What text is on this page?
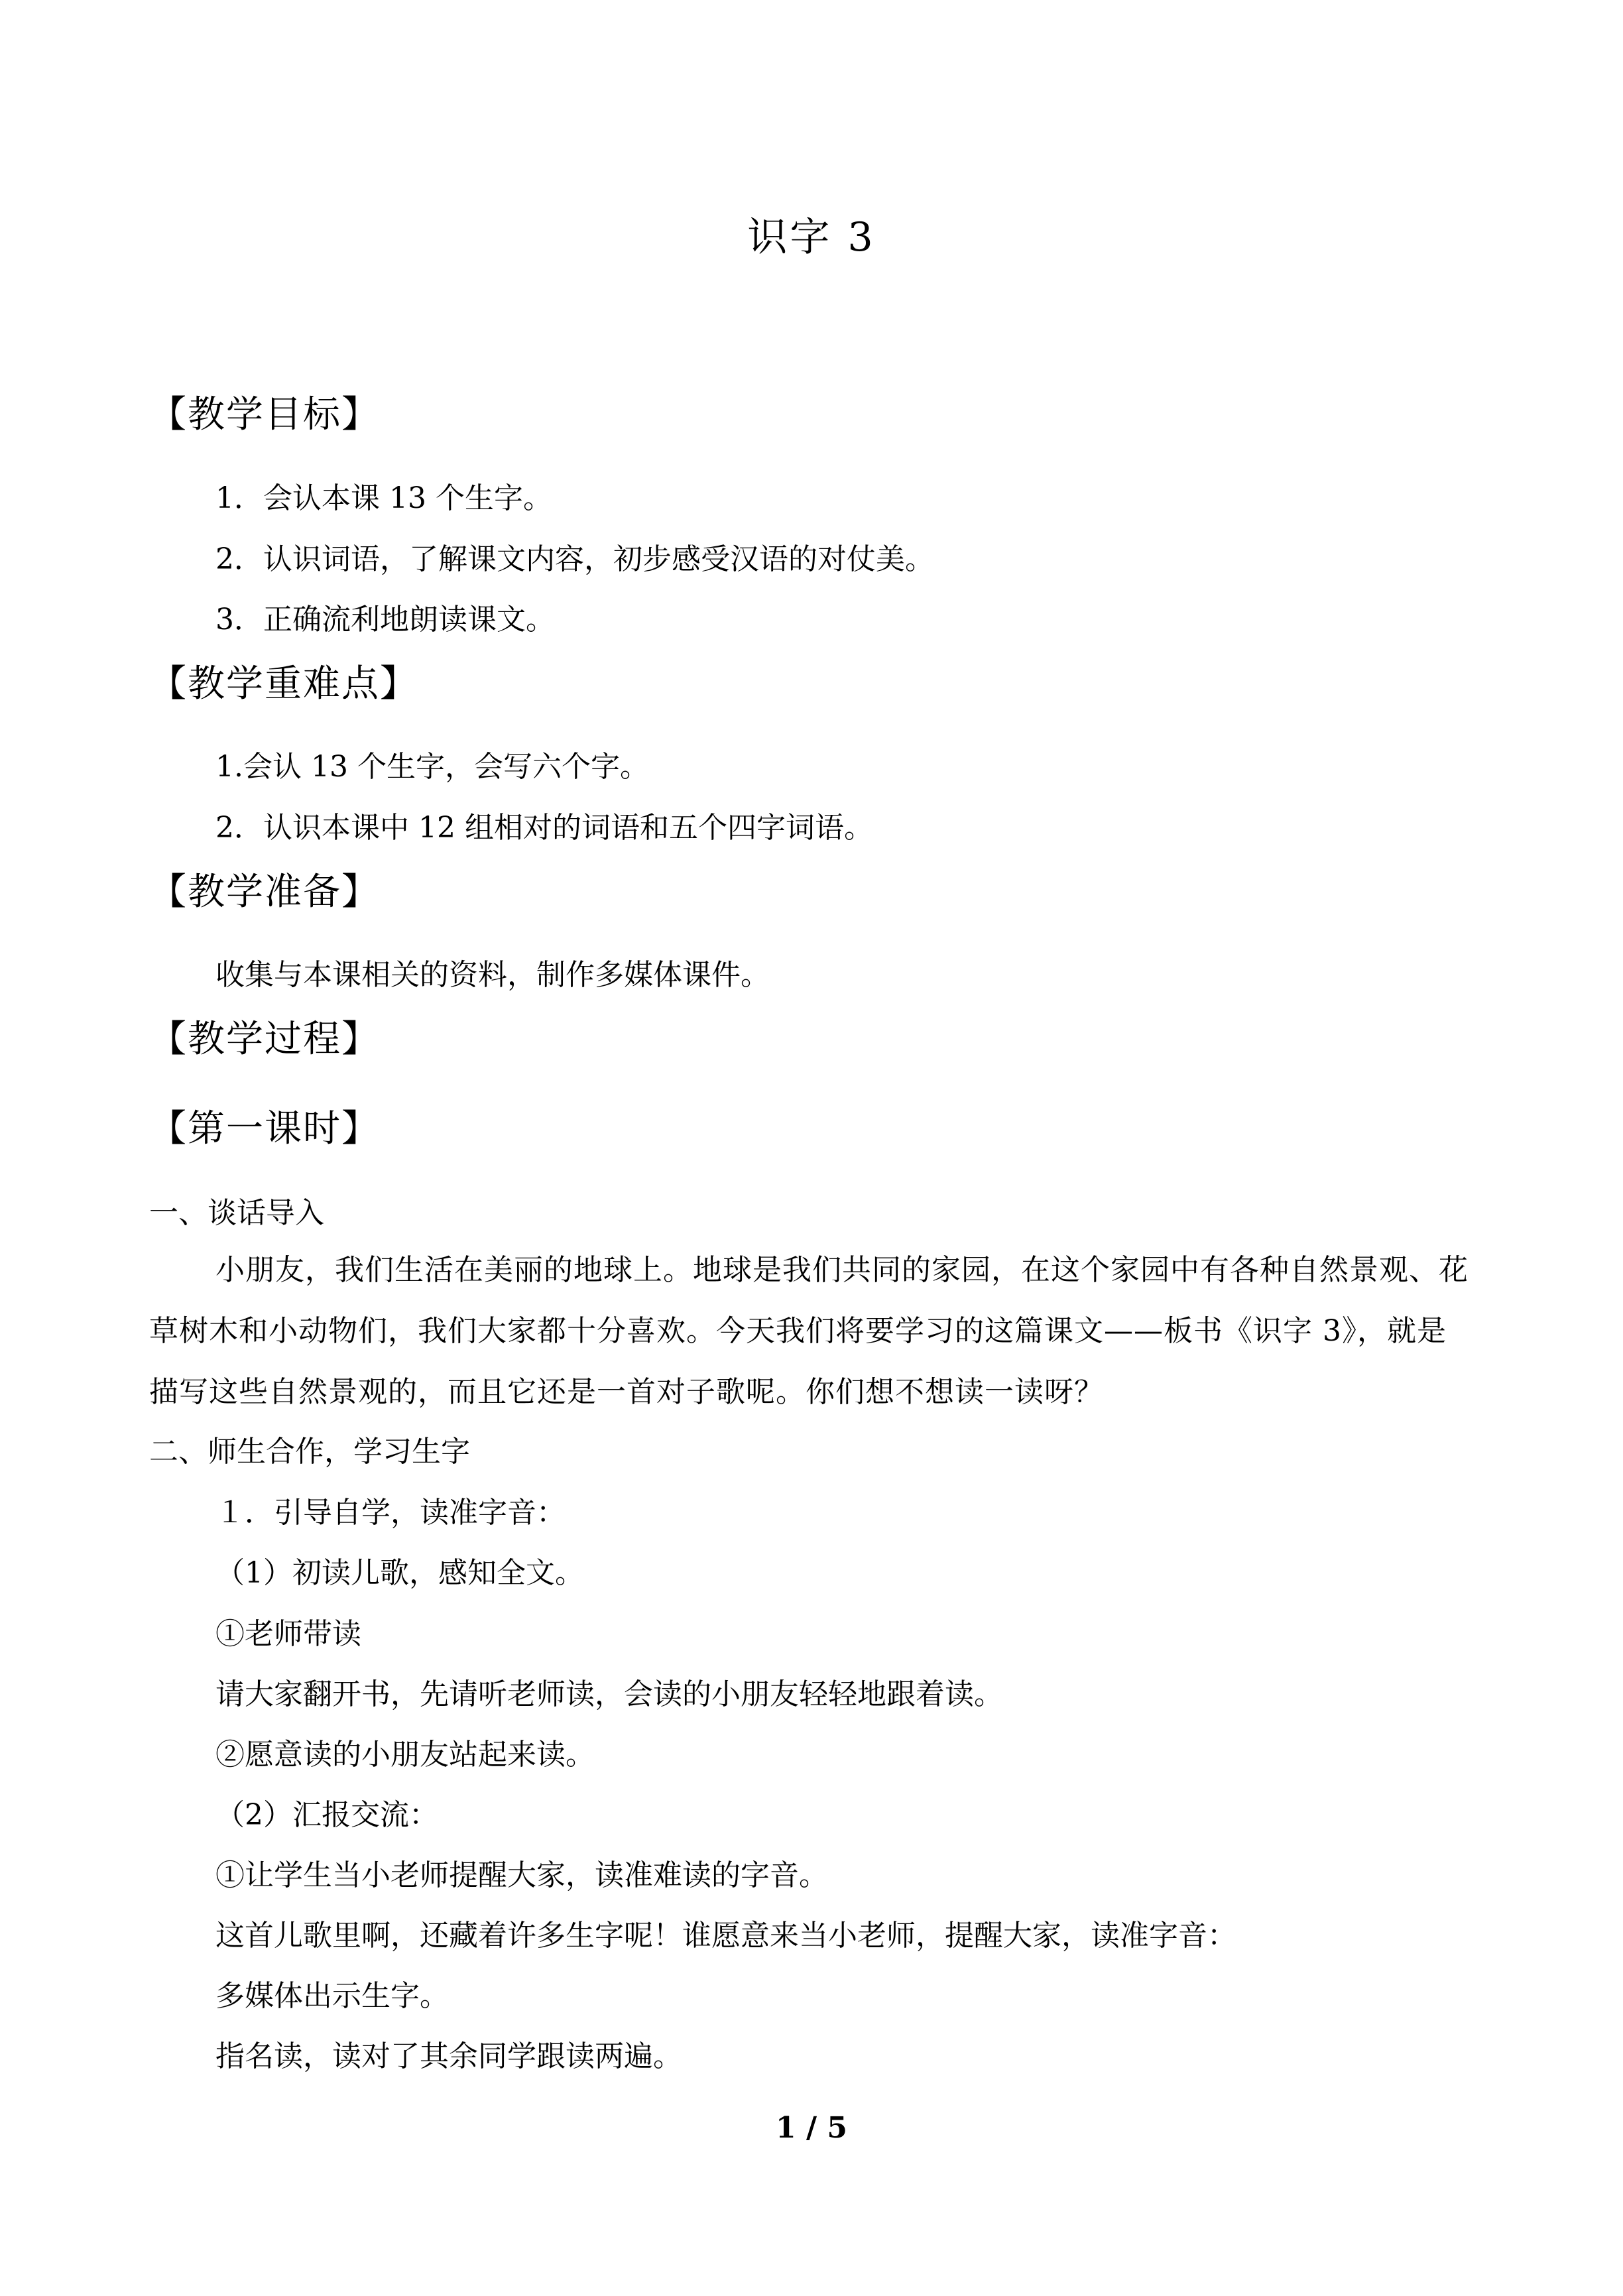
识字 3
【教学目标】
1．会认本课 13 个生字。
2．认识词语，了解课文内容，初步感受汉语的对仗美。
3．正确流利地朗读课文。
【教学重难点】
1.会认 13 个生字，会写六个字。
2．认识本课中 12 组相对的词语和五个四字词语。
【教学准备】
收集与本课相关的资料，制作多媒体课件。
【教学过程】
【第一课时】
一、谈话导入
小朋友，我们生活在美丽的地球上。地球是我们共同的家园，在这个家园中有各种自然景观、花草树木和小动物们，我们大家都十分喜欢。今天我们将要学习的这篇课文——板书《识字 3》，就是描写这些自然景观的，而且它还是一首对子歌呢。你们想不想读一读呀？
二、师生合作，学习生字
１．引导自学，读准字音：
（1）初读儿歌，感知全文。
①老师带读
请大家翻开书，先请听老师读，会读的小朋友轻轻地跟着读。
②愿意读的小朋友站起来读。
（2）汇报交流：
①让学生当小老师提醒大家，读准难读的字音。
这首儿歌里啊，还藏着许多生字呢！谁愿意来当小老师，提醒大家，读准字音：
多媒体出示生字。
指名读，读对了其余同学跟读两遍。
1 / 5
